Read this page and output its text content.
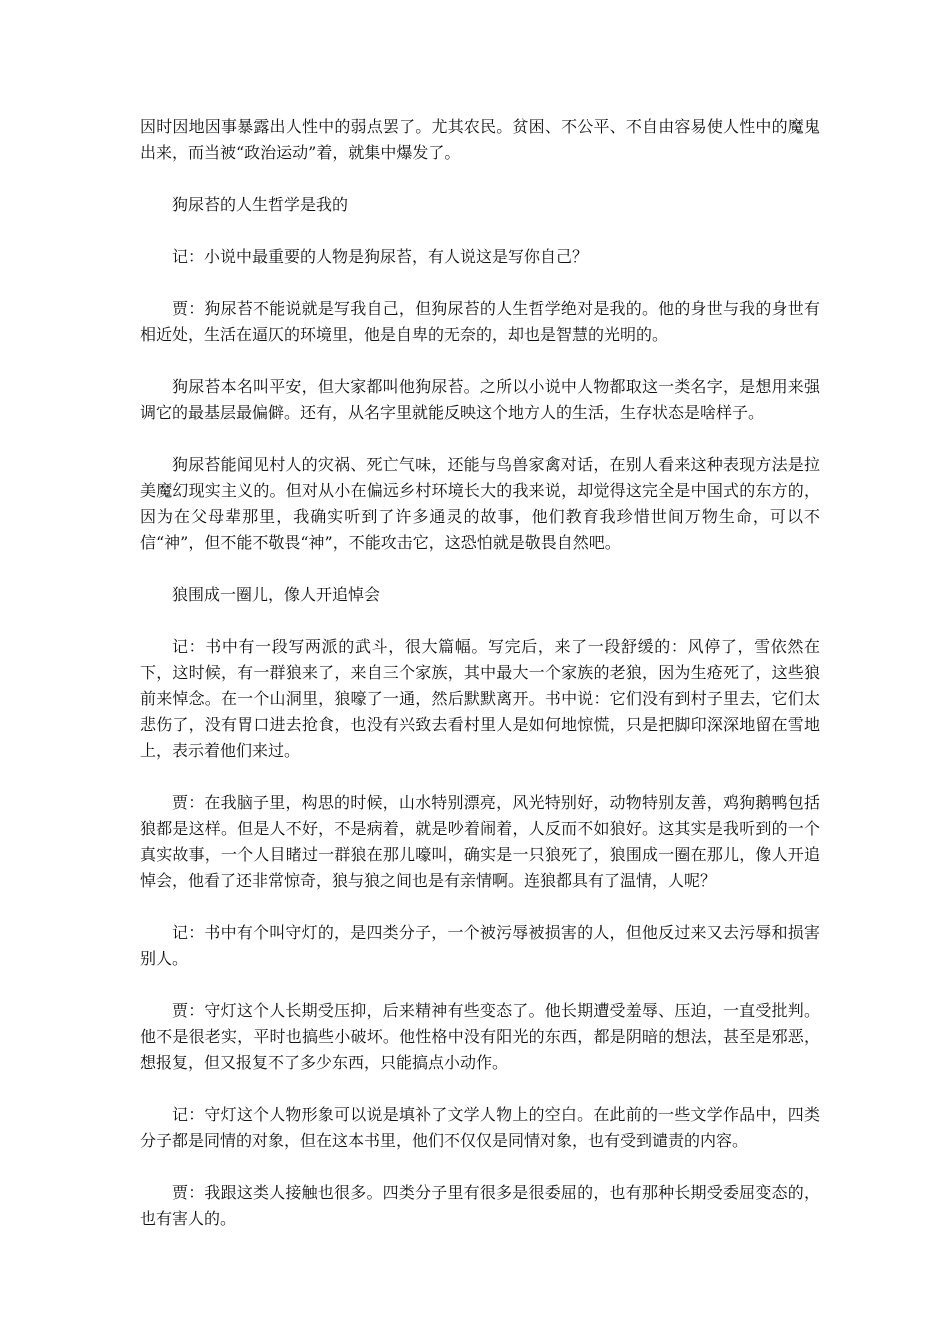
因时因地因事暴露出人性中的弱点罢了。尤其农民。贫困、不公平、不自由容易使人性中的魔鬼出来，而当被“政治运动”着，就集中爆发了。

狗尿苔的人生哲学是我的

记：小说中最重要的人物是狗尿苔，有人说这是写你自己？

贾：狗尿苔不能说就是写我自己，但狗尿苔的人生哲学绝对是我的。他的身世与我的身世有相近处，生活在逼仄的环境里，他是自卑的无奈的，却也是智慧的光明的。

狗尿苔本名叫平安，但大家都叫他狗尿苔。之所以小说中人物都取这一类名字，是想用来强调它的最基层最偏僻。还有，从名字里就能反映这个地方人的生活，生存状态是啥样子。

狗尿苔能闻见村人的灾祸、死亡气味，还能与鸟兽家禽对话，在别人看来这种表现方法是拉美魔幻现实主义的。但对从小在偏远乡村环境长大的我来说，却觉得这完全是中国式的东方的，因为在父母辈那里，我确实听到了许多通灵的故事，他们教育我珍惜世间万物生命，可以不信“神”，但不能不敬畏“神”，不能攻击它，这恐怕就是敬畏自然吧。

狼围成一圈儿，像人开追悼会

记：书中有一段写两派的武斗，很大篇幅。写完后，来了一段舒缓的：风停了，雪依然在下，这时候，有一群狼来了，来自三个家族，其中最大一个家族的老狼，因为生疮死了，这些狼前来悼念。在一个山洞里，狼嚎了一通，然后默默离开。书中说：它们没有到村子里去，它们太悲伤了，没有胃口进去抢食，也没有兴致去看村里人是如何地惊慌，只是把脚印深深地留在雪地上，表示着他们来过。

贾：在我脑子里，构思的时候，山水特别漂亮，风光特别好，动物特别友善，鸡狗鹅鸭包括狼都是这样。但是人不好，不是病着，就是吵着闹着，人反而不如狼好。这其实是我听到的一个真实故事，一个人目睹过一群狼在那儿嚎叫，确实是一只狼死了，狼围成一圈在那儿，像人开追悼会，他看了还非常惊奇，狼与狼之间也是有亲情啊。连狼都具有了温情，人呢？

记：书中有个叫守灯的，是四类分子，一个被污辱被损害的人，但他反过来又去污辱和损害别人。

贾：守灯这个人长期受压抑，后来精神有些变态了。他长期遭受羞辱、压迫，一直受批判。他不是很老实，平时也搞些小破坏。他性格中没有阳光的东西，都是阴暗的想法，甚至是邪恶，想报复，但又报复不了多少东西，只能搞点小动作。

记：守灯这个人物形象可以说是填补了文学人物上的空白。在此前的一些文学作品中，四类分子都是同情的对象，但在这本书里，他们不仅仅是同情对象，也有受到谴责的内容。

贾：我跟这类人接触也很多。四类分子里有很多是很委屈的，也有那种长期受委屈变态的，也有害人的。
